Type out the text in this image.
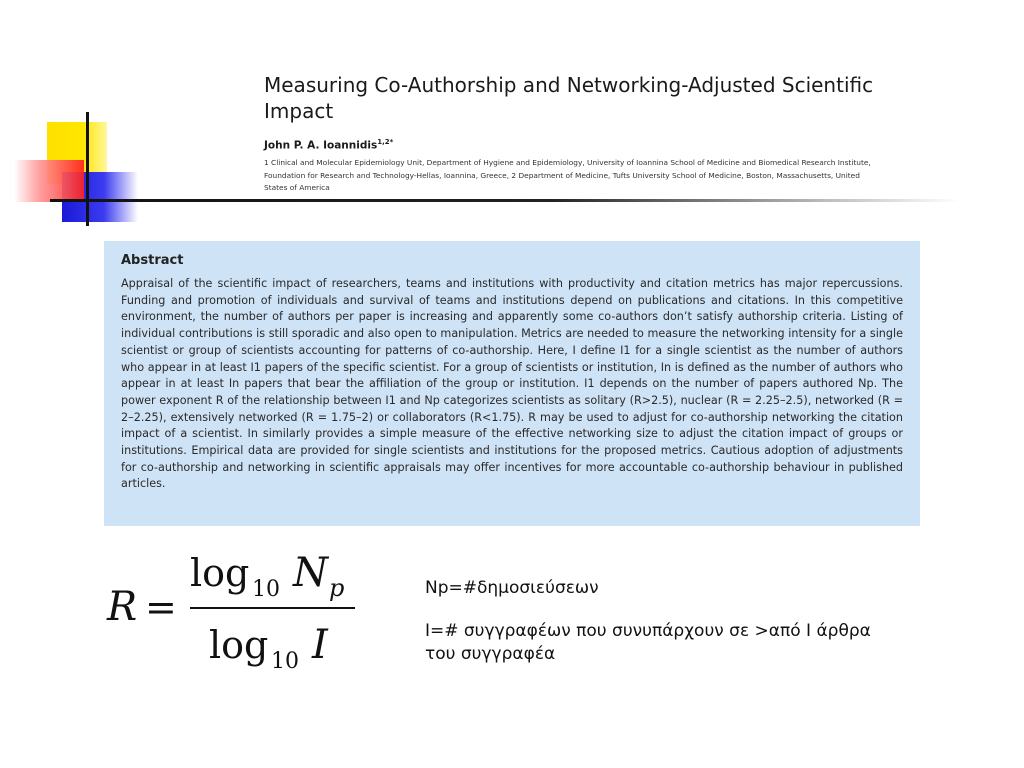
Measuring Co-Authorship and Networking-Adjusted Scientific Impact

John P. A. Ioannidis$^{1,2*}$

1 Clinical and Molecular Epidemiology Unit, Department of Hygiene and Epidemiology, University of Ioannina School of Medicine and Biomedical Research Institute, Foundation for Research and Technology-Hellas, Ioannina, Greece, 2 Department of Medicine, Tufts University School of Medicine, Boston, Massachusetts, United States of America

Abstract

Appraisal of the scientific impact of researchers, teams and institutions with productivity and citation metrics has major repercussions. Funding and promotion of individuals and survival of teams and institutions depend on publications and citations. In this competitive environment, the number of authors per paper is increasing and apparently some co-authors don’t satisfy authorship criteria. Listing of individual contributions is still sporadic and also open to manipulation. Metrics are needed to measure the networking intensity for a single scientist or group of scientists accounting for patterns of co-authorship. Here, I define I1 for a single scientist as the number of authors who appear in at least I1 papers of the specific scientist. For a group of scientists or institution, In is defined as the number of authors who appear in at least In papers that bear the affiliation of the group or institution. I1 depends on the number of papers authored Np. The power exponent R of the relationship between I1 and Np categorizes scientists as solitary (R>2.5), nuclear (R = 2.25–2.5), networked (R = 2–2.25), extensively networked (R = 1.75–2) or collaborators (R<1.75). R may be used to adjust for co-authorship networking the citation impact of a scientist. In similarly provides a simple measure of the effective networking size to adjust the citation impact of groups or institutions. Empirical data are provided for single scientists and institutions for the proposed metrics. Cautious adoption of adjustments for co-authorship and networking in scientific appraisals may offer incentives for more accountable co-authorship behaviour in published articles.

R =
log 10 N p
log 10 I

Np=#δημοσιεύσεων

I=# συγγραφέων που συνυπάρχουν σε >από I άρθρα του συγγραφέα
